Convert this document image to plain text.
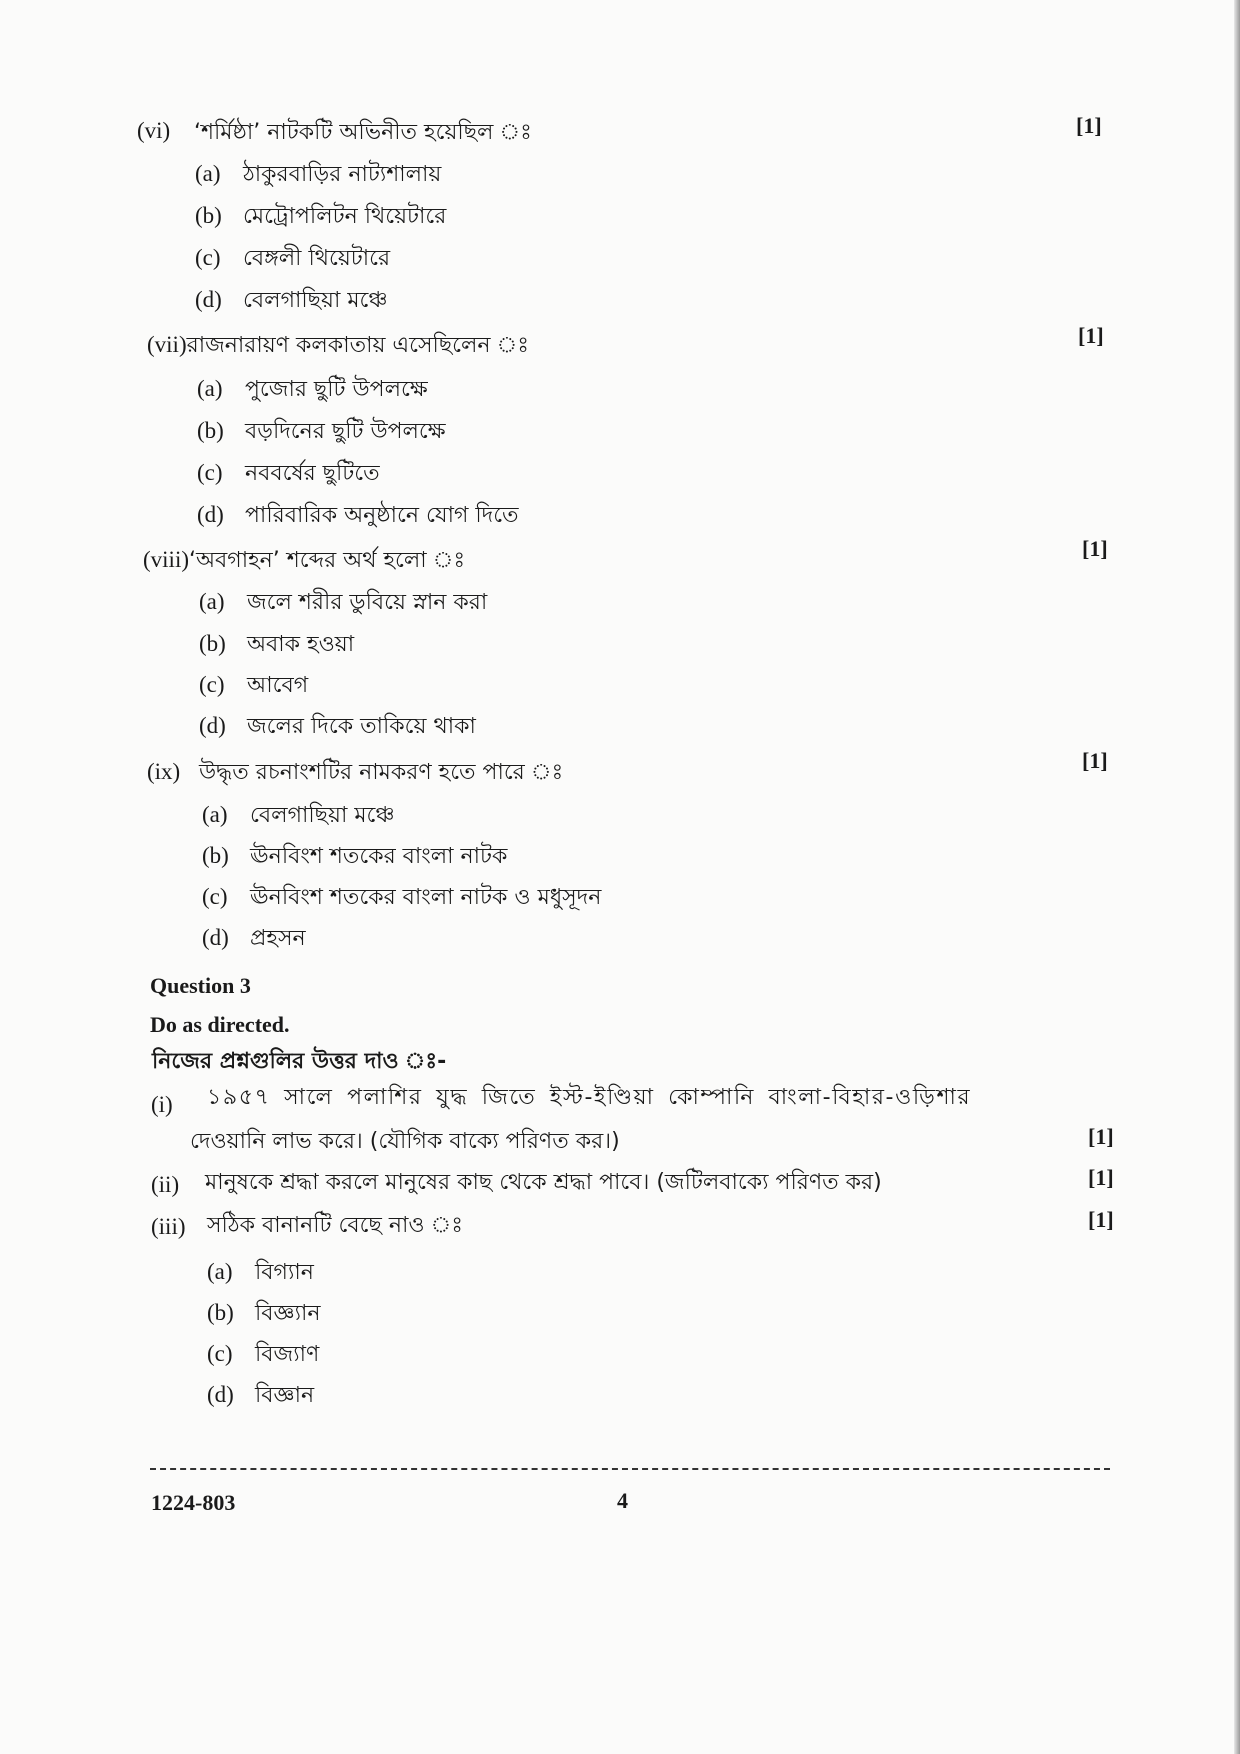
(vi) ‘শর্মিষ্ঠা’ নাটকটি অভিনীত হয়েছিল ঃ	[1]
(a) ঠাকুরবাড়ির নাট্যশালায়
(b) মেট্রোপলিটন থিয়েটারে
(c) বেঙ্গলী থিয়েটারে
(d) বেলগাছিয়া মঞ্চে
(vii)রাজনারায়ণ কলকাতায় এসেছিলেন ঃ	[1]
(a) পুজোর ছুটি উপলক্ষে
(b) বড়দিনের ছুটি উপলক্ষে
(c) নববর্ষের ছুটিতে
(d) পারিবারিক অনুষ্ঠানে যোগ দিতে
(viii)‘অবগাহন’ শব্দের অর্থ হলো ঃ	[1]
(a) জলে শরীর ডুবিয়ে স্নান করা
(b) অবাক হওয়া
(c) আবেগ
(d) জলের দিকে তাকিয়ে থাকা
(ix) উদ্ধৃত রচনাংশটির নামকরণ হতে পারে ঃ	[1]
(a) বেলগাছিয়া মঞ্চে
(b) ঊনবিংশ শতকের বাংলা নাটক
(c) ঊনবিংশ শতকের বাংলা নাটক ও মধুসূদন
(d) প্রহসন
Question 3
Do as directed.
নিজের প্রশ্নগুলির উত্তর দাও ঃ-
(i) ১৯৫৭ সালে পলাশির যুদ্ধ জিতে ইস্ট-ইণ্ডিয়া কোম্পানি বাংলা-বিহার-ওড়িশার
দেওয়ানি লাভ করে। (যৌগিক বাক্যে পরিণত কর।)	[1]
(ii) মানুষকে শ্রদ্ধা করলে মানুষের কাছ থেকে শ্রদ্ধা পাবে। (জটিলবাক্যে পরিণত কর)	[1]
(iii) সঠিক বানানটি বেছে নাও ঃ	[1]
(a) বিগ্যান
(b) বিজ্ঞ্যান
(c) বিজ্যাণ
(d) বিজ্ঞান
1224-803	4
